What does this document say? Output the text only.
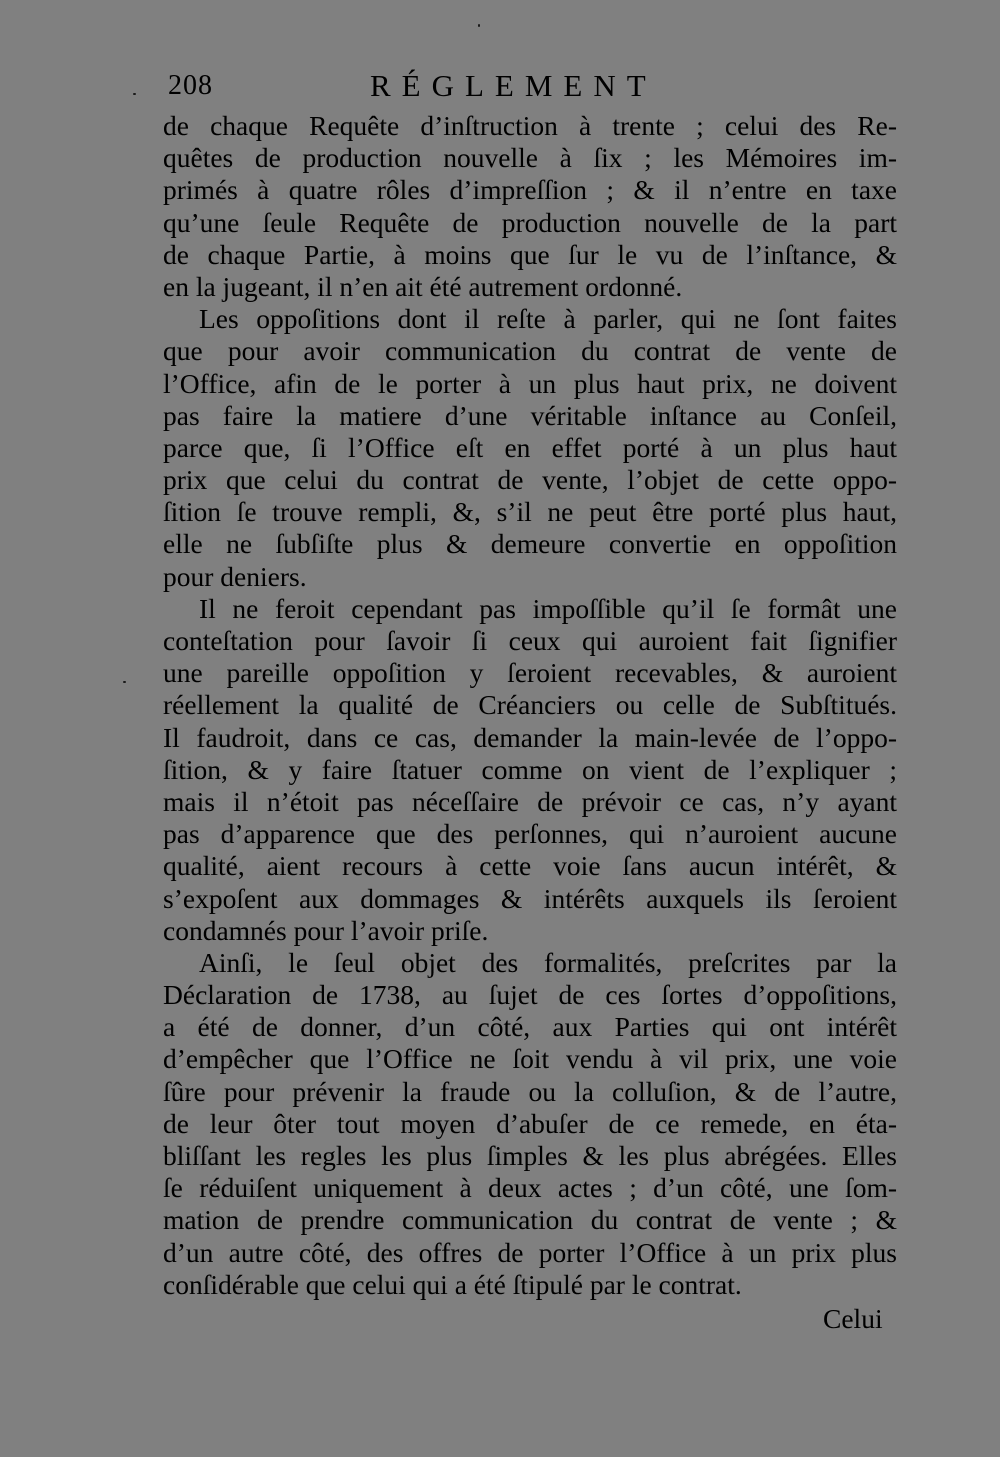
208	RÉGLEMENT
de chaque Requête d’inſtruction à trente ; celui des Re-
quêtes de production nouvelle à ſix ; les Mémoires im-
primés à quatre rôles d’impreſſion ; & il n’entre en taxe
qu’une ſeule Requête de production nouvelle de la part
de chaque Partie, à moins que ſur le vu de l’inſtance, &
en la jugeant, il n’en ait été autrement ordonné.
Les oppoſitions dont il reſte à parler, qui ne ſont faites
que pour avoir communication du contrat de vente de
l’Office, afin de le porter à un plus haut prix, ne doivent
pas faire la matiere d’une véritable inſtance au Conſeil,
parce que, ſi l’Office eſt en effet porté à un plus haut
prix que celui du contrat de vente, l’objet de cette oppo-
ſition ſe trouve rempli, &, s’il ne peut être porté plus haut,
elle ne ſubſiſte plus & demeure convertie en oppoſition
pour deniers.
Il ne feroit cependant pas impoſſible qu’il ſe formât une
conteſtation pour ſavoir ſi ceux qui auroient fait ſignifier
une pareille oppoſition y ſeroient recevables, & auroient
réellement la qualité de Créanciers ou celle de Subſtitués.
Il faudroit, dans ce cas, demander la main-levée de l’oppo-
ſition, & y faire ſtatuer comme on vient de l’expliquer ;
mais il n’étoit pas néceſſaire de prévoir ce cas, n’y ayant
pas d’apparence que des perſonnes, qui n’auroient aucune
qualité, aient recours à cette voie ſans aucun intérêt, &
s’expoſent aux dommages & intérêts auxquels ils ſeroient
condamnés pour l’avoir priſe.
Ainſi, le ſeul objet des formalités, preſcrites par la
Déclaration de 1738, au ſujet de ces ſortes d’oppoſitions,
a été de donner, d’un côté, aux Parties qui ont intérêt
d’empêcher que l’Office ne ſoit vendu à vil prix, une voie
ſûre pour prévenir la fraude ou la colluſion, & de l’autre,
de leur ôter tout moyen d’abuſer de ce remede, en éta-
bliſſant les regles les plus ſimples & les plus abrégées. Elles
ſe réduiſent uniquement à deux actes ; d’un côté, une ſom-
mation de prendre communication du contrat de vente ; &
d’un autre côté, des offres de porter l’Office à un prix plus
conſidérable que celui qui a été ſtipulé par le contrat.
Celui
